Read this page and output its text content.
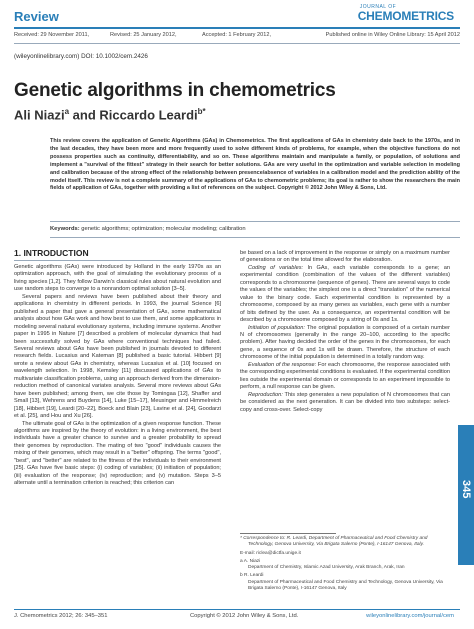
Review
JOURNAL OF
CHEMOMETRICS
Received: 29 November 2011,	Revised: 25 January 2012,	Accepted: 1 February 2012,	Published online in Wiley Online Library: 15 April 2012
(wileyonlinelibrary.com) DOI: 10.1002/cem.2426
Genetic algorithms in chemometrics
Ali Niazi$^a$ and Riccardo Leardi$^{b*}$
This review covers the application of Genetic Algorithms (GAs) in Chemometrics. The first applications of GAs in chemistry date back to the 1970s, and in the last decades, they have been more and more frequently used to solve different kinds of problems, for example, when the objective functions do not possess properties such as continuity, differentiability, and so on. These algorithms maintain and manipulate a family, or population, of solutions and implement a "survival of the fittest" strategy in their search for better solutions. GAs are very useful in the optimization and variable selection in modeling and calibration because of the strong effect of the relationship between presence/absence of variables in a calibration model and the prediction ability of the model itself. This review is not a complete summary of the applications of GAs to chemometric problems; its goal is rather to show the researchers the main fields of application of GAs, together with providing a list of references on the subject. Copyright © 2012 John Wiley & Sons, Ltd.
Keywords: genetic algorithms; optimization; molecular modeling; calibration
1. INTRODUCTION

Genetic algorithms (GAs) were introduced by Holland in the early 1970s as an optimization approach, with the goal of simulating the evolutionary process of a living species [1,2]. They follow Darwin's classical rules about natural evolution and use random steps to converge to a nonrandom optimal solution [3–5].

Several papers and reviews have been published about their theory and applications in chemistry in different periods. In 1993, the journal Science [6] published a paper that gave a general presentation of GAs, some mathematical analysis about how GAs work and how best to use them, and some applications in modeling several natural evolutionary systems, including immune systems. Another paper in 1995 in Nature [7] described a problem of molecular dynamics that had been successfully solved by GAs where conventional techniques had failed. Several reviews about GAs have been published in journals devoted to different research fields. Lucasius and Kateman [8] published a basic tutorial. Hibbert [9] wrote a review about GAs in chemistry, whereas Lucasius et al. [10] focused on wavelength selection. In 1998, Kemsley [11] discussed applications of GAs to multivariate classification problems, using an approach derived from the dimension-reduction method of canonical variates analysis. Several more reviews about GAs have been published; among them, we cite those by Tomingaa [12], Shaffer and Small [13], Wehrens and Buydens [14], Luke [15–17], Meusinger and Himmelreich [18], Hibbert [19], Leardi [20–22], Boeck and Blain [23], Lavine et al. [24], Goodarzi et al. [25], and Hou and Xu [26].

The ultimate goal of GAs is the optimization of a given response function. These algorithms are inspired by the theory of evolution: in a living environment, the best individuals have a greater chance to survive and a greater probability to spread their genomes by reproduction. The mating of two "good" individuals causes the mixing of their genomes, which may result in a "better" offspring. The terms "good", "best", and "better" are related to the fitness of the individuals to their environment [25]. GAs have five basic steps: (i) coding of variables; (ii) initiation of population; (iii) evaluation of the response; (iv) reproduction; and (v) mutation. Steps 3–5 alternate until a termination criterion is reached; this criterion can

be based on a lack of improvement in the response or simply on a maximum number of generations or on the total time allowed for the elaboration.

Coding of variables: In GAs, each variable corresponds to a gene; an experimental condition (combination of the values of the different variables) corresponds to a chromosome (sequence of genes). There are several ways to code the values of the variables; the simplest one is a direct "translation" of the numerical value to the binary code. Each experimental condition is represented by a chromosome, composed by as many genes as variables, each gene with a number of bits defined by the user. As a consequence, an experimental condition will be described by a chromosome composed by a string of 0s and 1s.

Initiation of population: The original population is composed of a certain number N of chromosomes (generally in the range 20–100, according to the specific problem). After having decided the order of the genes in the chromosomes, for each gene, a sequence of 0s and 1s will be drawn. Therefore, the structure of each chromosome of the initial population is determined in a totally random way.

Evaluation of the response: For each chromosome, the response associated with the corresponding experimental conditions is evaluated. If the experimental condition lies outside the experimental domain or corresponds to an experiment impossible to perform, a null response can be given.

Reproduction: This step generates a new population of N chromosomes that can be considered as the next generation. It can be divided into two substeps: select-copy and cross-over. Select-copy

* Correspondence to: R. Leardi, Department of Pharmaceutical and Food Chemistry and Technology, Genova University, Via Brigata Salerno (Ponte), I-16147 Genova, Italy.
E-mail: riclea@dictfa.unige.it
a A. Niazi
Department of Chemistry, Islamic Azad University, Arak Branch, Arak, Iran
b R. Leardi
Department of Pharmaceutical and Food Chemistry and Technology, Genova University, Via Brigata Salerno (Ponte), I-16147 Genova, Italy
J. Chemometrics 2012; 26: 345–351	Copyright © 2012 John Wiley & Sons, Ltd.	wileyonlinelibrary.com/journal/cem
345
